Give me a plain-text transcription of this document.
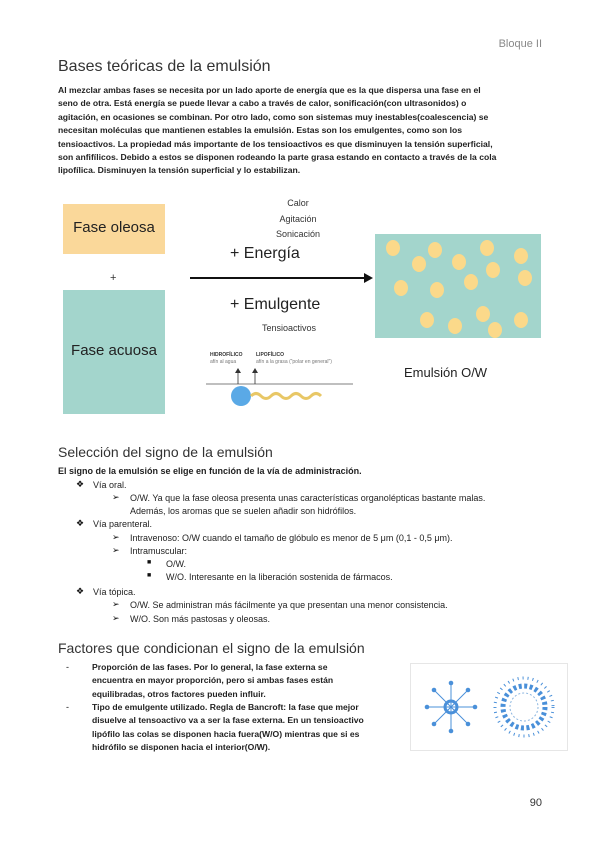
Bloque II
Bases teóricas de la emulsión
Al mezclar ambas fases se necesita por un lado aporte de energía que es la que dispersa una fase en el
seno de otra. Está energía se puede llevar a cabo a través de calor, sonificación(con ultrasonidos) o
agitación, en ocasiones se combinan. Por otro lado, como son sistemas muy inestables(coalescencia) se
necesitan moléculas que mantienen estables la emulsión. Estas son los emulgentes, como son los
tensioactivos. La propiedad más importante de los tensioactivos es que disminuyen la tensión superficial,
son anfifílicos. Debido a estos se disponen rodeando la parte grasa estando en contacto a través de la cola
lipofílica. Disminuyen la tensión superficial y lo estabilizan.
Fase oleosa
+
Fase acuosa
Calor
Agitación
Sonicación
+ Energía
+ Emulgente
Tensioactivos
HIDROFÍLICO	LIPOFÍLICO
afín al agua	afín a la grasa (“polar en general”)
Emulsión O/W
Selección del signo de la emulsión
El signo de la emulsión se elige en función de la vía de administración.
❖ Vía oral.
➢ O/W. Ya que la fase oleosa presenta unas características organolépticas bastante malas.
Además, los aromas que se suelen añadir son hidrófilos.
❖ Vía parenteral.
➢ Intravenoso: O/W cuando el tamaño de glóbulo es menor de 5 μm (0,1 - 0,5 μm).
➢ Intramuscular:
■ O/W.
■ W/O. Interesante en la liberación sostenida de fármacos.
❖ Vía tópica.
➢ O/W. Se administran más fácilmente ya que presentan una menor consistencia.
➢ W/O. Son más pastosas y oleosas.
Factores que condicionan el signo de la emulsión
-	Proporción de las fases. Por lo general, la fase externa se
encuentra en mayor proporción, pero si ambas fases están
equilibradas, otros factores pueden influir.
-	Tipo de emulgente utilizado. Regla de Bancroft: la fase que mejor
disuelve al tensoactivo va a ser la fase externa. En un tensioactivo
lipófilo las colas se disponen hacia fuera(W/O) mientras que si es
hidrófilo se disponen hacia el interior(O/W).
90
